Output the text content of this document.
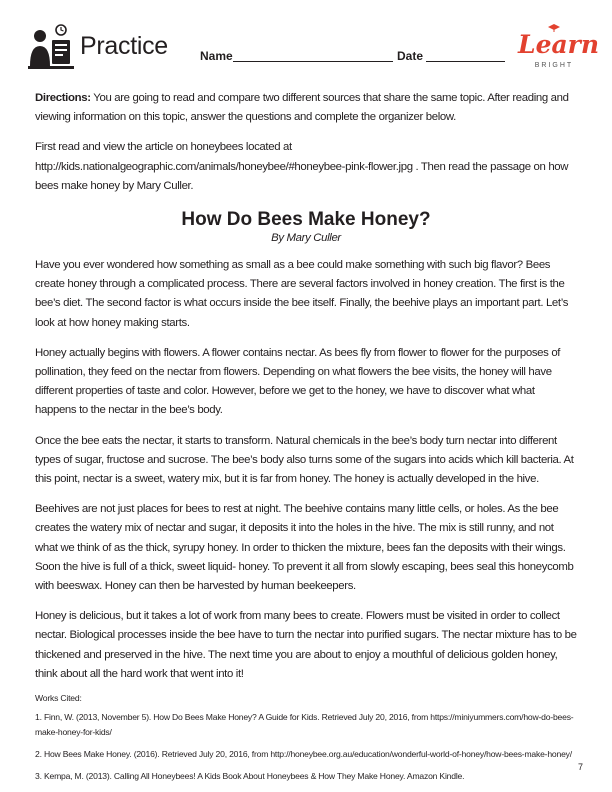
Practice	Name	Date	Learn
BRIGHT

Directions: You are going to read and compare two different sources that share the same topic. After reading and viewing information on this topic, answer the questions and complete the organizer below.

First read and view the article on honeybees located at http://kids.nationalgeographic.com/animals/honeybee/#honeybee-pink-flower.jpg . Then read the passage on how bees make honey by Mary Culler.

How Do Bees Make Honey?
By Mary Culler

Have you ever wondered how something as small as a bee could make something with such big flavor? Bees create honey through a complicated process. There are several factors involved in honey creation. The first is the bee’s diet. The second factor is what occurs inside the bee itself. Finally, the beehive plays an important part. Let’s look at how honey making starts.

Honey actually begins with flowers. A flower contains nectar. As bees fly from flower to flower for the purposes of pollination, they feed on the nectar from flowers. Depending on what flowers the bee visits, the honey will have different properties of taste and color. However, before we get to the honey, we have to discover what what happens to the nectar in the bee’s body.

Once the bee eats the nectar, it starts to transform. Natural chemicals in the bee’s body turn nectar into different types of sugar, fructose and sucrose. The bee’s body also turns some of the sugars into acids which kill bacteria. At this point, nectar is a sweet, watery mix, but it is far from honey. The honey is actually developed in the hive.

Beehives are not just places for bees to rest at night. The beehive contains many little cells, or holes. As the bee creates the watery mix of nectar and sugar, it deposits it into the holes in the hive. The mix is still runny, and not what we think of as the thick, syrupy honey. In order to thicken the mixture, bees fan the deposits with their wings. Soon the hive is full of a thick, sweet liquid- honey. To prevent it all from slowly escaping, bees seal this honeycomb with beeswax. Honey can then be harvested by human beekeepers.

Honey is delicious, but it takes a lot of work from many bees to create. Flowers must be visited in order to collect nectar. Biological processes inside the bee have to turn the nectar into purified sugars. The nectar mixture has to be thickened and preserved in the hive. The next time you are about to enjoy a mouthful of delicious golden honey, think about all the hard work that went into it!

Works Cited:
1. Finn, W. (2013, November 5). How Do Bees Make Honey? A Guide for Kids. Retrieved July 20, 2016, from https://miniyummers.com/how-do-bees-make-honey-for-kids/
2. How Bees Make Honey. (2016). Retrieved July 20, 2016, from http://honeybee.org.au/education/wonderful-world-of-honey/how-bees-make-honey/
3. Kempa, M. (2013). Calling All Honeybees! A Kids Book About Honeybees & How They Make Honey. Amazon Kindle.
7
